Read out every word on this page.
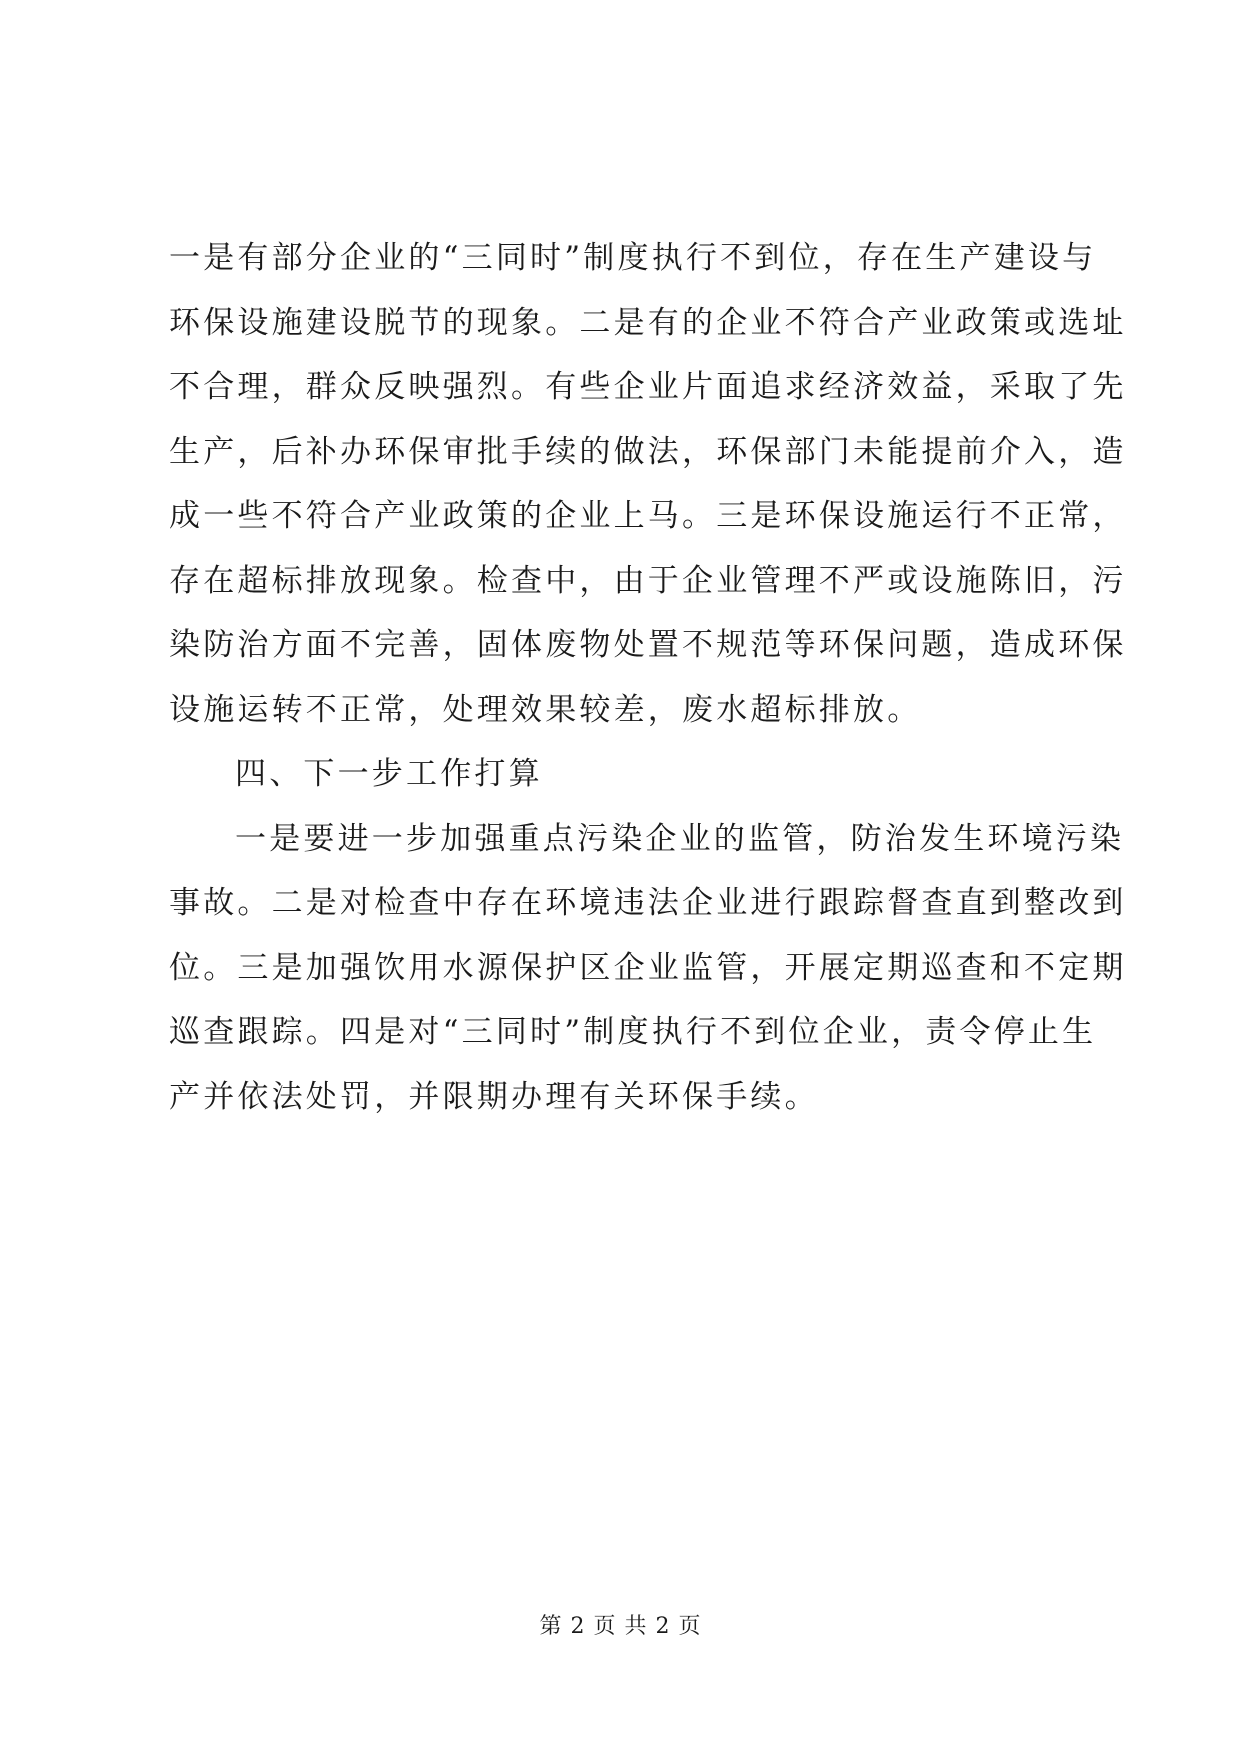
一是有部分企业的“三同时”制度执行不到位，存在生产建设与
环保设施建设脱节的现象。二是有的企业不符合产业政策或选址
不合理，群众反映强烈。有些企业片面追求经济效益，采取了先
生产，后补办环保审批手续的做法，环保部门未能提前介入，造
成一些不符合产业政策的企业上马。三是环保设施运行不正常，
存在超标排放现象。检查中，由于企业管理不严或设施陈旧，污
染防治方面不完善，固体废物处置不规范等环保问题，造成环保
设施运转不正常，处理效果较差，废水超标排放。
四、下一步工作打算
一是要进一步加强重点污染企业的监管，防治发生环境污染
事故。二是对检查中存在环境违法企业进行跟踪督查直到整改到
位。三是加强饮用水源保护区企业监管，开展定期巡查和不定期
巡查跟踪。四是对“三同时”制度执行不到位企业，责令停止生
产并依法处罚，并限期办理有关环保手续。
第 2 页 共 2 页
